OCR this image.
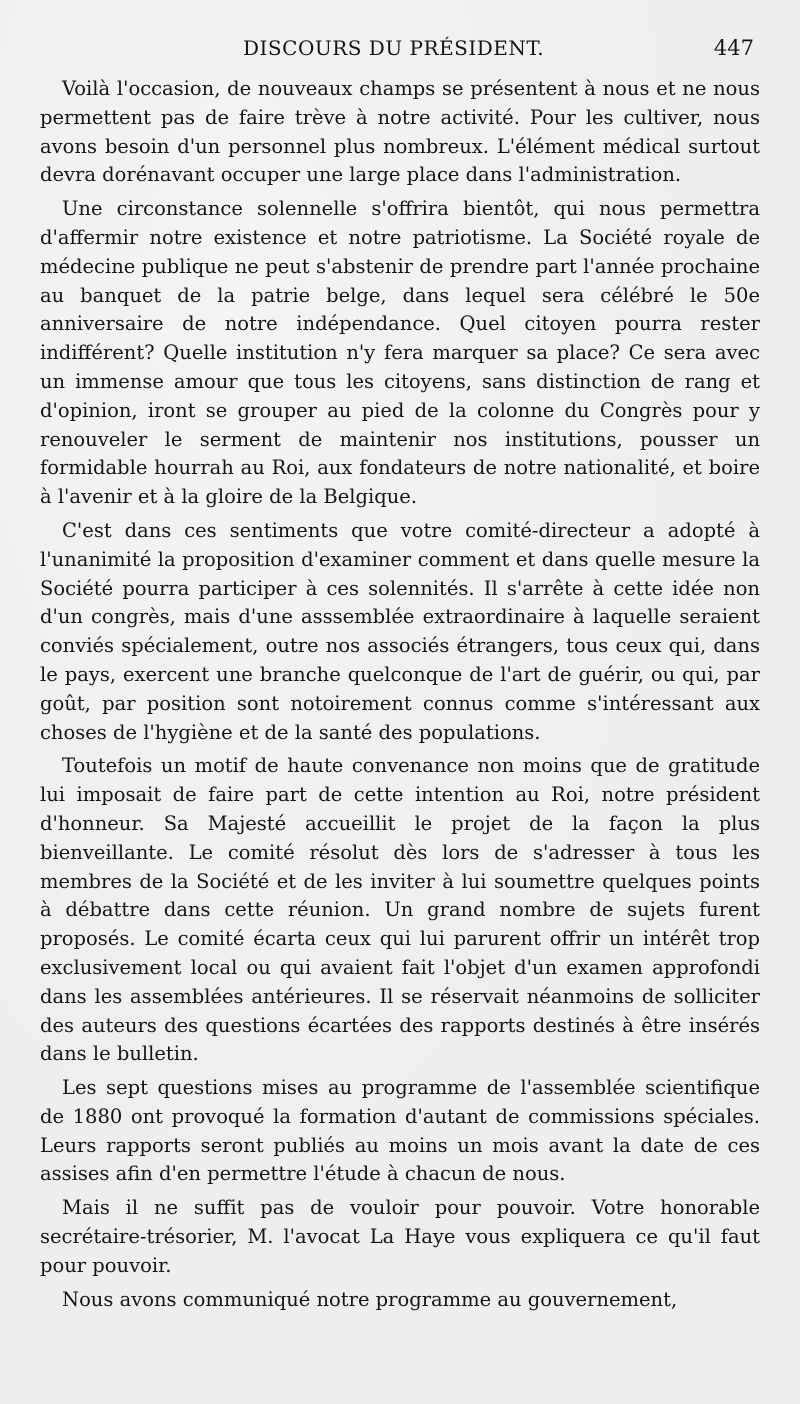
DISCOURS DU PRÉSIDENT.	447

Voilà l'occasion, de nouveaux champs se présentent à nous et ne nous permettent pas de faire trève à notre activité. Pour les cultiver, nous avons besoin d'un personnel plus nombreux. L'élément médical surtout devra dorénavant occuper une large place dans l'administration.

Une circonstance solennelle s'offrira bientôt, qui nous permettra d'affermir notre existence et notre patriotisme. La Société royale de médecine publique ne peut s'abstenir de prendre part l'année prochaine au banquet de la patrie belge, dans lequel sera célébré le 50e anniversaire de notre indépendance. Quel citoyen pourra rester indifférent? Quelle institution n'y fera marquer sa place? Ce sera avec un immense amour que tous les citoyens, sans distinction de rang et d'opinion, iront se grouper au pied de la colonne du Congrès pour y renouveler le serment de maintenir nos institutions, pousser un formidable hourrah au Roi, aux fondateurs de notre nationalité, et boire à l'avenir et à la gloire de la Belgique.

C'est dans ces sentiments que votre comité-directeur a adopté à l'unanimité la proposition d'examiner comment et dans quelle mesure la Société pourra participer à ces solennités. Il s'arrête à cette idée non d'un congrès, mais d'une asssemblée extraordinaire à laquelle seraient conviés spécialement, outre nos associés étrangers, tous ceux qui, dans le pays, exercent une branche quelconque de l'art de guérir, ou qui, par goût, par position sont notoirement connus comme s'intéressant aux choses de l'hygiène et de la santé des populations.

Toutefois un motif de haute convenance non moins que de gratitude lui imposait de faire part de cette intention au Roi, notre président d'honneur. Sa Majesté accueillit le projet de la façon la plus bienveillante. Le comité résolut dès lors de s'adresser à tous les membres de la Société et de les inviter à lui soumettre quelques points à débattre dans cette réunion. Un grand nombre de sujets furent proposés. Le comité écarta ceux qui lui parurent offrir un intérêt trop exclusivement local ou qui avaient fait l'objet d'un examen approfondi dans les assemblées antérieures. Il se réservait néanmoins de solliciter des auteurs des questions écartées des rapports destinés à être insérés dans le bulletin.

Les sept questions mises au programme de l'assemblée scientifique de 1880 ont provoqué la formation d'autant de commissions spéciales. Leurs rapports seront publiés au moins un mois avant la date de ces assises afin d'en permettre l'étude à chacun de nous.

Mais il ne suffit pas de vouloir pour pouvoir. Votre honorable secrétaire-trésorier, M. l'avocat La Haye vous expliquera ce qu'il faut pour pouvoir.

Nous avons communiqué notre programme au gouvernement,
